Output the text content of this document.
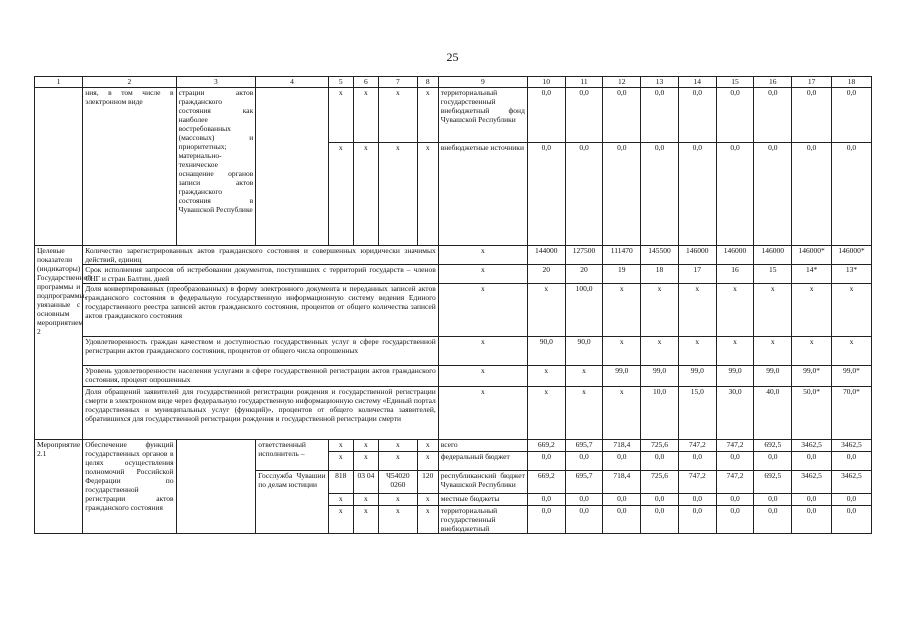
25
1	2	3	4	5	6	7	8	9	10	11	12	13	14	15	16	17	18
	ния, в том числе в электронном виде	страции актов гражданского состояния как наиболее востребованных (массовых) и приоритетных; материально-техническое оснащение органов записи актов гражданского состояния в Чувашской Республике		x	x	x	x	территориальный государственный внебюджетный фонд Чувашской Республики	0,0	0,0	0,0	0,0	0,0	0,0	0,0	0,0	0,0
				x	x	x	x	внебюджетные источники	0,0	0,0	0,0	0,0	0,0	0,0	0,0	0,0	0,0
Целевые показатели (индикаторы) Государственной программы и подпрограммы, увязанные с основным мероприятием 2	Количество зарегистрированных актов гражданского состояния и совершенных юридически значимых действий, единиц							x	144000	127500	111470	145500	146000	146000	146000	146000*	146000*
	Срок исполнения запросов об истребовании документов, поступивших с территорий государств – членов СНГ и стран Балтии, дней							x	20	20	19	18	17	16	15	14*	13*
	Доля конвертированных (преобразованных) в форму электронного документа и переданных записей актов гражданского состояния в федеральную государственную информационную систему ведения Единого государственного реестра записей актов гражданского состояния, процентов от общего количества записей актов гражданского состояния							x	x	100,0	x	x	x	x	x	x	x
	Удовлетворенность граждан качеством и доступностью государственных услуг в сфере государственной регистрации актов гражданского состояния, процентов от общего числа опрошенных							x	90,0	90,0	x	x	x	x	x	x	x
	Уровень удовлетворенности населения услугами в сфере государственной регистрации актов гражданского состояния, процент опрошенных							x	x	x	99,0	99,0	99,0	99,0	99,0	99,0*	99,0*
	Доля обращений заявителей для государственной регистрации рождения и государственной регистрации смерти в электронном виде через федеральную государственную информационную систему «Единый портал государственных и муниципальных услуг (функций)», процентов от общего количества заявителей, обратившихся для государственной регистрации рождения и государственной регистрации смерти							x	x	x	x	10,0	15,0	30,0	40,0	50,0*	70,0*
Мероприятие 2.1	Обеспечение функций государственных органов в целях осуществления полномочий Российской Федерации по государственной регистрации актов гражданского состояния		ответственный исполнитель –	x	x	x	x	всего	669,2	695,7	718,4	725,6	747,2	747,2	692,5	3462,5	3462,5
				x	x	x	x	федеральный бюджет	0,0	0,0	0,0	0,0	0,0	0,0	0,0	0,0	0,0
			Госслужба Чувашии по делам юстиции	818	03 04	Ч54020 0260	120	республиканский бюджет Чувашской Республики	669,2	695,7	718,4	725,6	747,2	747,2	692,5	3462,5	3462,5
				x	x	x	x	местные бюджеты	0,0	0,0	0,0	0,0	0,0	0,0	0,0	0,0	0,0
				x	x	x	x	территориальный государственный внебюджетный	0,0	0,0	0,0	0,0	0,0	0,0	0,0	0,0	0,0
